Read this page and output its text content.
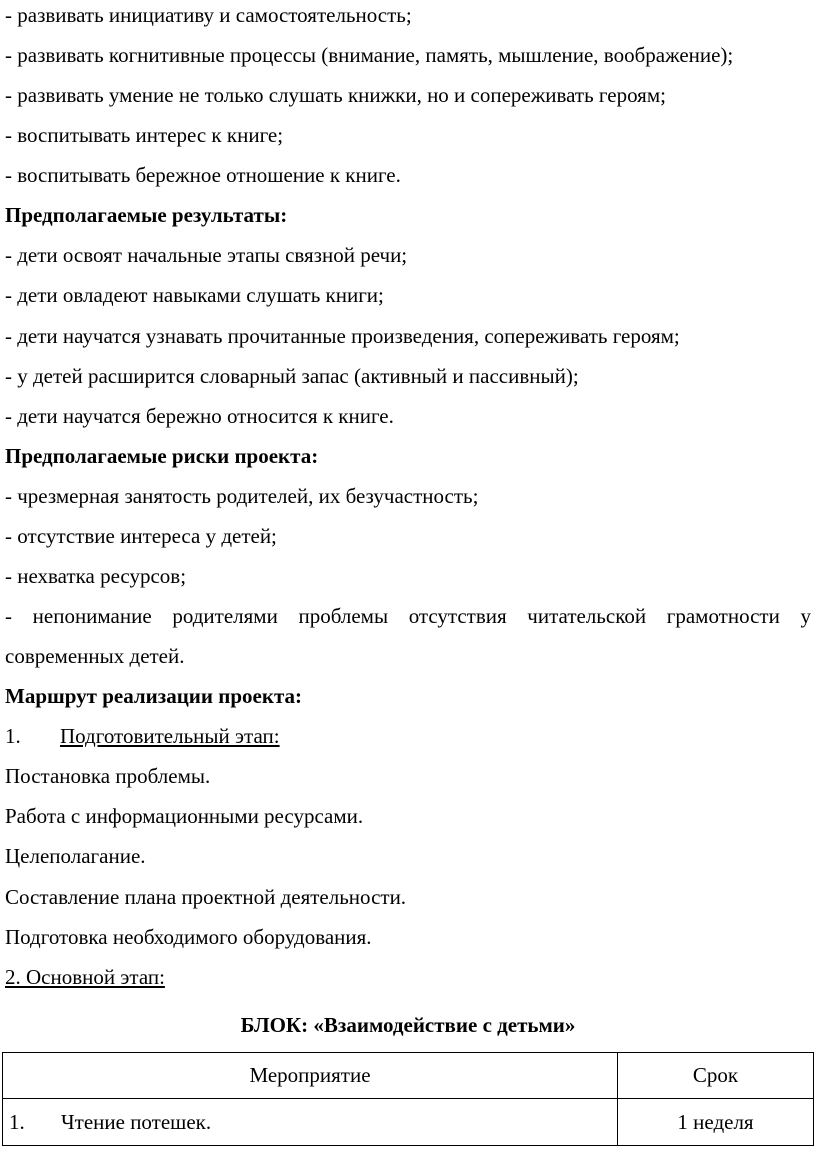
- развивать инициативу и самостоятельность;
- развивать когнитивные процессы (внимание, память, мышление, воображение);
- развивать умение не только слушать книжки, но и сопереживать героям;
- воспитывать интерес к книге;
- воспитывать бережное отношение к книге.
Предполагаемые результаты:
- дети освоят начальные этапы связной речи;
- дети овладеют навыками слушать книги;
- дети научатся узнавать прочитанные произведения, сопереживать героям;
- у детей расширится словарный запас (активный и пассивный);
- дети научатся бережно относится к книге.
Предполагаемые риски проекта:
- чрезмерная занятость родителей, их безучастность;
- отсутствие интереса у детей;
- нехватка ресурсов;
- непонимание родителями проблемы отсутствия читательской грамотности у
современных детей.
Маршрут реализации проекта:
1. Подготовительный этап:
Постановка проблемы.
Работа с информационными ресурсами.
Целеполагание.
Составление плана проектной деятельности.
Подготовка необходимого оборудования.
2. Основной этап:
БЛОК: «Взаимодействие с детьми»
Мероприятие	Срок
1. Чтение потешек.	1 неделя
